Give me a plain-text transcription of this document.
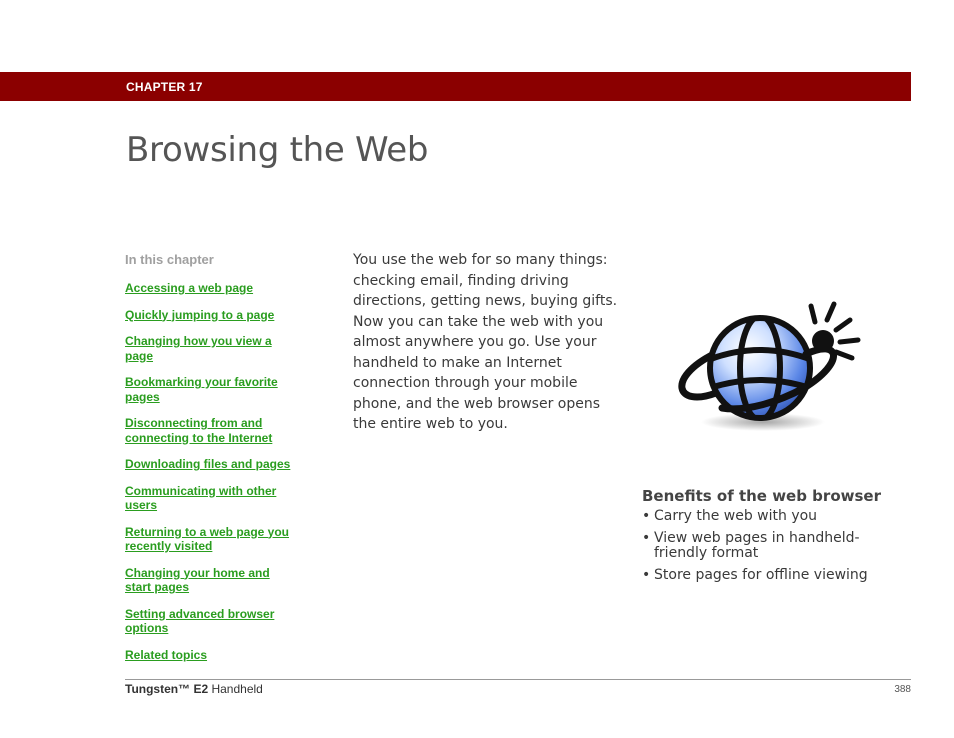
CHAPTER 17
Browsing the Web
In this chapter
Accessing a web page
Quickly jumping to a page
Changing how you view a
page
Bookmarking your favorite
pages
Disconnecting from and
connecting to the Internet
Downloading files and pages
Communicating with other
users
Returning to a web page you
recently visited
Changing your home and
start pages
Setting advanced browser
options
Related topics

You use the web for so many things: checking email, finding driving directions, getting news, buying gifts. Now you can take the web with you almost anywhere you go. Use your handheld to make an Internet connection through your mobile phone, and the web browser opens the entire web to you.

Benefits of the web browser
• Carry the web with you
• View web pages in handheld-friendly format
• Store pages for offline viewing
Tungsten™ E2 Handheld	388
